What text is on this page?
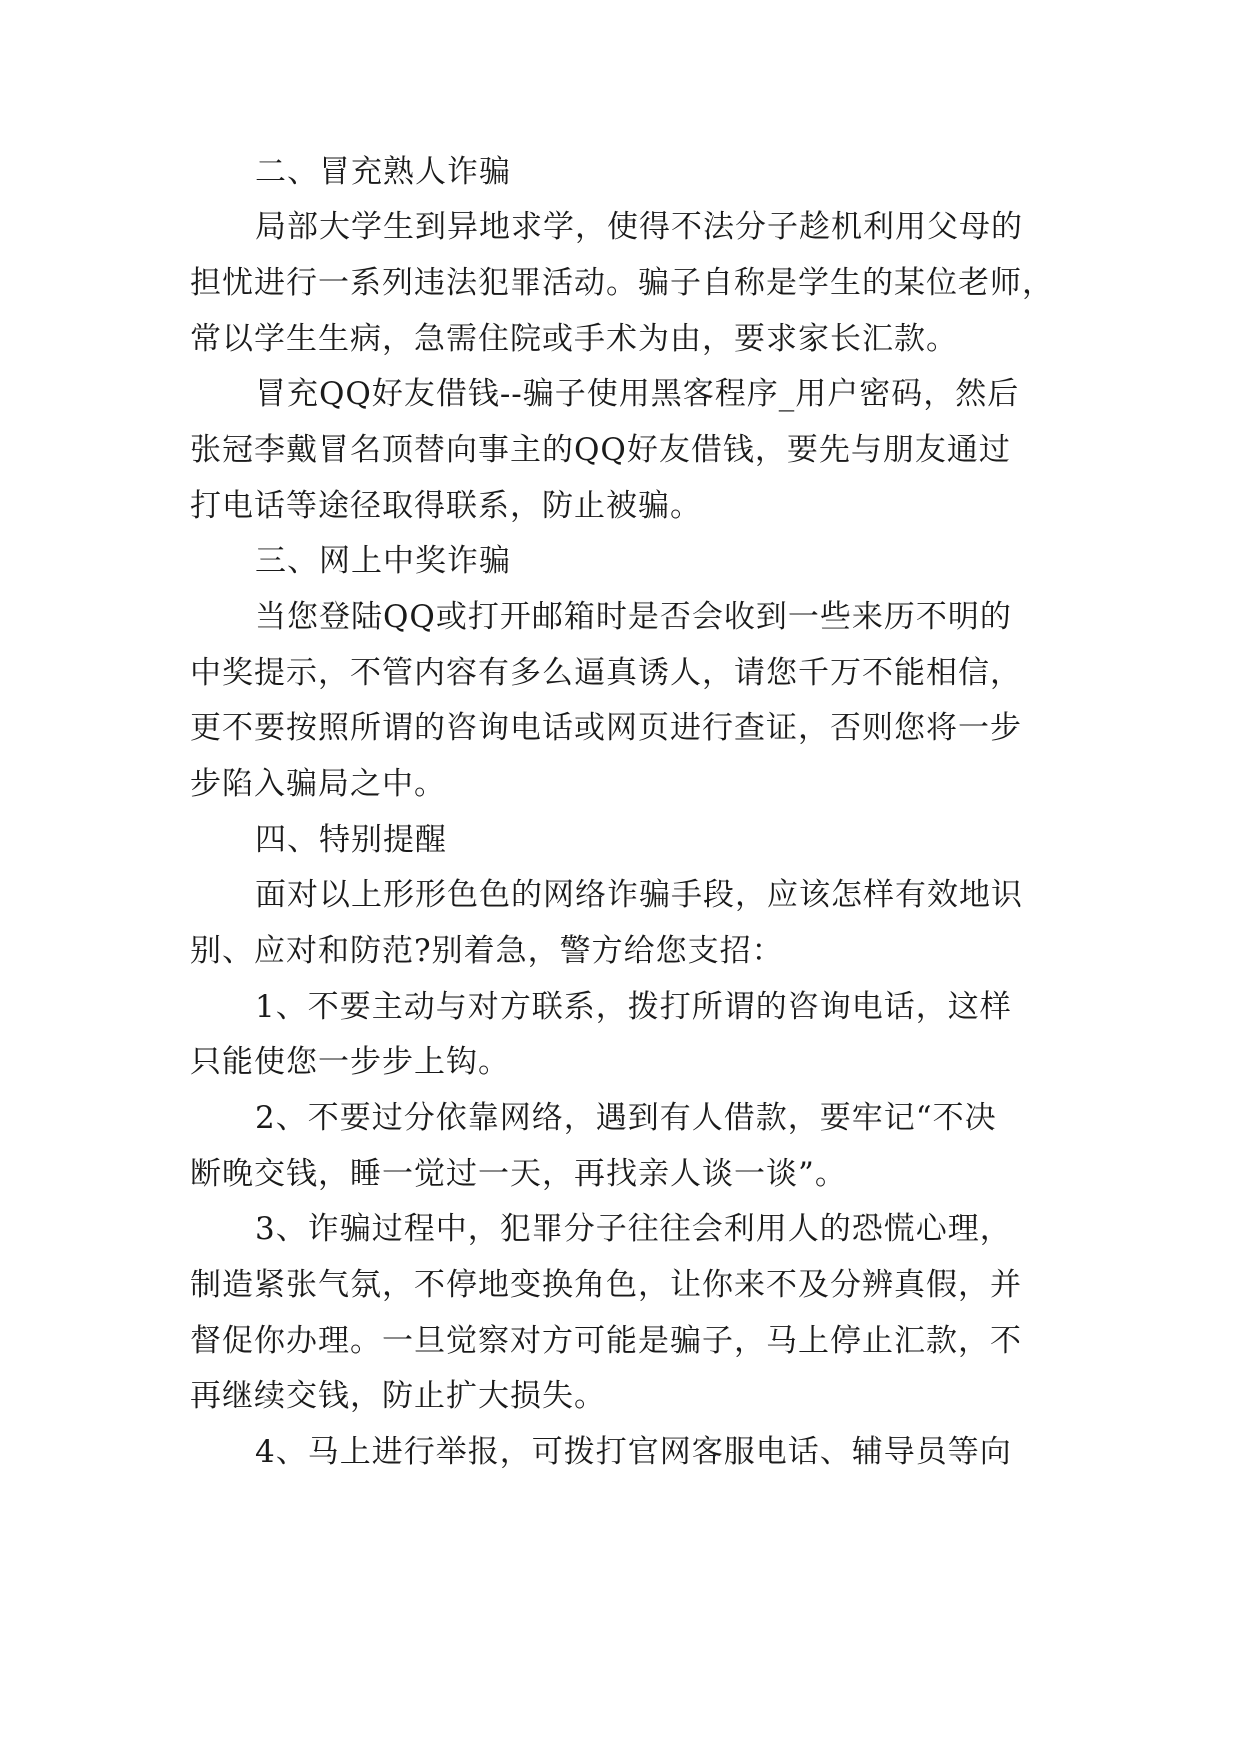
二、冒充熟人诈骗
局部大学生到异地求学，使得不法分子趁机利用父母的
担忧进行一系列违法犯罪活动。骗子自称是学生的某位老师，
常以学生生病，急需住院或手术为由，要求家长汇款。
冒充QQ好友借钱--骗子使用黑客程序_用户密码，然后
张冠李戴冒名顶替向事主的QQ好友借钱，要先与朋友通过
打电话等途径取得联系，防止被骗。
三、网上中奖诈骗
当您登陆QQ或打开邮箱时是否会收到一些来历不明的
中奖提示，不管内容有多么逼真诱人，请您千万不能相信，
更不要按照所谓的咨询电话或网页进行查证，否则您将一步
步陷入骗局之中。
四、特别提醒
面对以上形形色色的网络诈骗手段，应该怎样有效地识
别、应对和防范?别着急，警方给您支招：
1、不要主动与对方联系，拨打所谓的咨询电话，这样
只能使您一步步上钩。
2、不要过分依靠网络，遇到有人借款，要牢记“不决
断晚交钱，睡一觉过一天，再找亲人谈一谈”。
3、诈骗过程中，犯罪分子往往会利用人的恐慌心理，
制造紧张气氛，不停地变换角色，让你来不及分辨真假，并
督促你办理。一旦觉察对方可能是骗子，马上停止汇款，不
再继续交钱，防止扩大损失。
4、马上进行举报，可拨打官网客服电话、辅导员等向
